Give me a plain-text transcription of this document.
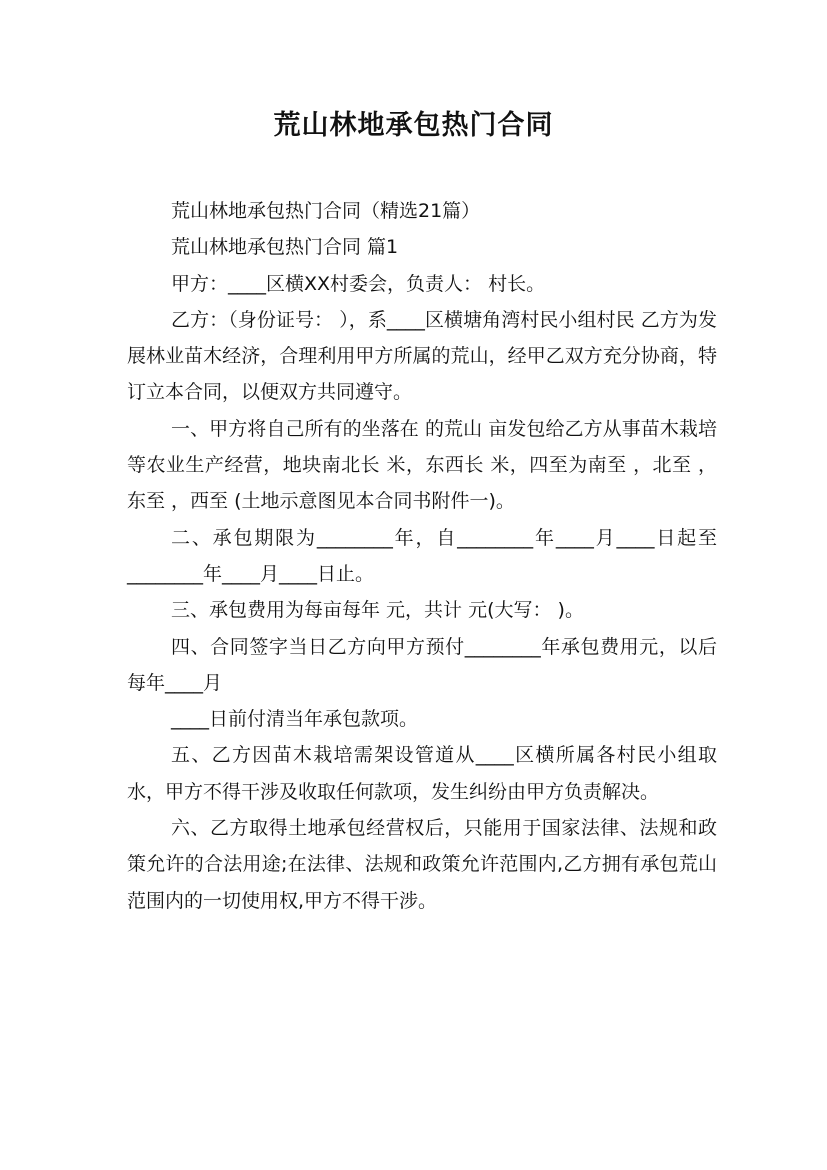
荒山林地承包热门合同

荒山林地承包热门合同（精选21篇）

荒山林地承包热门合同 篇1

甲方：____区横XX村委会，负责人： 村长。

乙方：（身份证号： ），系____区横塘角湾村民小组村民 乙方为发展林业苗木经济，合理利用甲方所属的荒山，经甲乙双方充分协商，特订立本合同，以便双方共同遵守。

一、甲方将自己所有的坐落在 的荒山 亩发包给乙方从事苗木栽培等农业生产经营，地块南北长 米，东西长 米，四至为南至 ，北至 ，东至 ，西至 (土地示意图见本合同书附件一)。

二、承包期限为________年，自________年____月____日起至________年____月____日止。

三、承包费用为每亩每年 元，共计 元(大写： )。

四、合同签字当日乙方向甲方预付________年承包费用元，以后每年____月

____日前付清当年承包款项。

五、乙方因苗木栽培需架设管道从____区横所属各村民小组取水，甲方不得干涉及收取任何款项，发生纠纷由甲方负责解决。

六、乙方取得土地承包经营权后，只能用于国家法律、法规和政策允许的合法用途;在法律、法规和政策允许范围内,乙方拥有承包荒山范围内的一切使用权,甲方不得干涉。
